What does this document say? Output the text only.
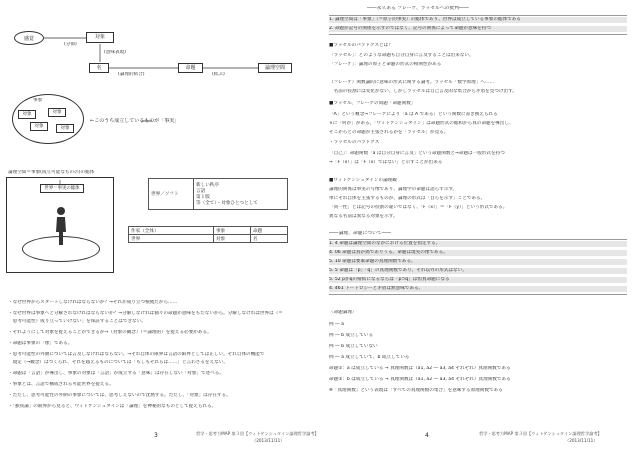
感覚	対象
(分節)
(意味表現)
名
(論理的結合)
命題
(結ぶ)
論理空間
事象
対象	対象
対象	対象
←このうち成立しているものが「事実」
論理空間＝事象(成立可能なものの)の総体
世界＝事実の総体
世界／ソフト	
新しい秩序
言語
第１版
等（全て）・対象ひとつとして
作家（全体）	事象	命題
世界	対象	名
・なぜ世界からスタートしなければならないか？→それが成り立つ根拠だから……
・なぜ世界は事象へと分解されなければならないか？→分解しなければ個々の命題が意味をもたないから。分解しなければ世界は（＝
　思考可能性）成り立っていけない」を保証することはできない。
・それようにして対象を捉えることができるか→（対象の観念）（＝論理的）を捉える必要がある。
・命題は事象の「像」である。
・思考可能性の外側については言及しなければならない。→それ自体の限界は言語の限界としては正しい。それ自体の機能で
　規定（→観念）はつくられ、それを越えるものについては「もしもそれらは……」と言わざるをえない。
・命題は「言語」が導出し、事象の対象は「言語」が成立する「意味」は存在しない「対象」で述べる。
・事象とは、言語で構成される可能世界を捉える。
・ただし、思考可能性の外側の事象については、思考しえないので沈黙する。ただし、「対象」は存在する。
・「独我論」の限界から見ると、ウィトゲンシュタインは「論理」を神秘的なものとして捉えられる。
3	哲学・思考力MAP 第３回【ウィトゲンシュタイン論理哲学論考】
（2013/11/11）
――永久ある フレーゲ、ラッセルへの批判――
1. 論理空間は「事象」（＝原子的事実）の総体であり、世界は成立している事象の総体である
2. 命題が記号の関係を示すのではなく、記号の関係によって命題が意味を持つ
■ラッセルのパラドクスとは？
「ラッセル」：どのような命題も自分自身に言及することは出来ない。
「フレーゲ」：論理の原子と命題の形式の相関性がある
（フレーゲ）関数論的に意味の形式に関する論考。ラッセル「数学原理」へ……
　名前の役割には変化がない。しかしラッセルは自己言及的な集合から矛盾を見つけ出す。
■ラッセル、フレーゲの問題「命題関数」
「A」という概念→フレーゲにより「a は A である」という関数に書き換えられる
×に「何か」がある。「ウィトゲンシュタイン」は命題形式の総和から真の命題を導出し、
そこからどの命題が主張されるかを「ラッセル」が見る。
・ラッセルのパラドクス
「自己」：命題関数「a は自分自身に言及」という命題関数と→命題は一般形式を持つ
→「F（x）」は「F（x）ではない」と示すことが出来る
■ウィトゲンシュタインの論理観
論理的関係は事実の写像であり、論理学の命題は語らず示す。
単にそれ自体を主張するものが、論理の形式は「自らを示す」ことである。
「同一性」とは記号の役割の違いではなく、「F（x）」＝「F（y）」という形式である。
異なる名前は異なる対象を示す。
――論理、命題について――
1. 4 命題は論理空間のなかにおける位置を指定する。
4. 06 命題は真か偽でありうる。命題は現実の像である。
5. 10 命題は要素命題の真理関数である。
5. 5 命題は「p」「q」の真理関数であり、それ以外の形式はない。
5. 52 pがqの帰結になるならば「p⊃q」は恒真命題になる
4. 461 トートロジーと矛盾は無意味である。
〈命題論理〉
例 ― a
例 ― b 成立している
例 ― b 成立していない
例 ― a 成立していて、b 成立している
命題①：a は成立している → 真理関数は（a1, a2 ― a3, a4 それぞれ）真理関数である
命題②：b は成立している → 真理関数は（a1, a2 ― a3, a4 それぞれ）真理関数である
※「真理関数」という表現は「すべての真理関数の集合」を意味する原理関数である
4	哲学・思考力MAP 第３回【ウィトゲンシュタイン論理哲学論考】
（2013/11/11）
